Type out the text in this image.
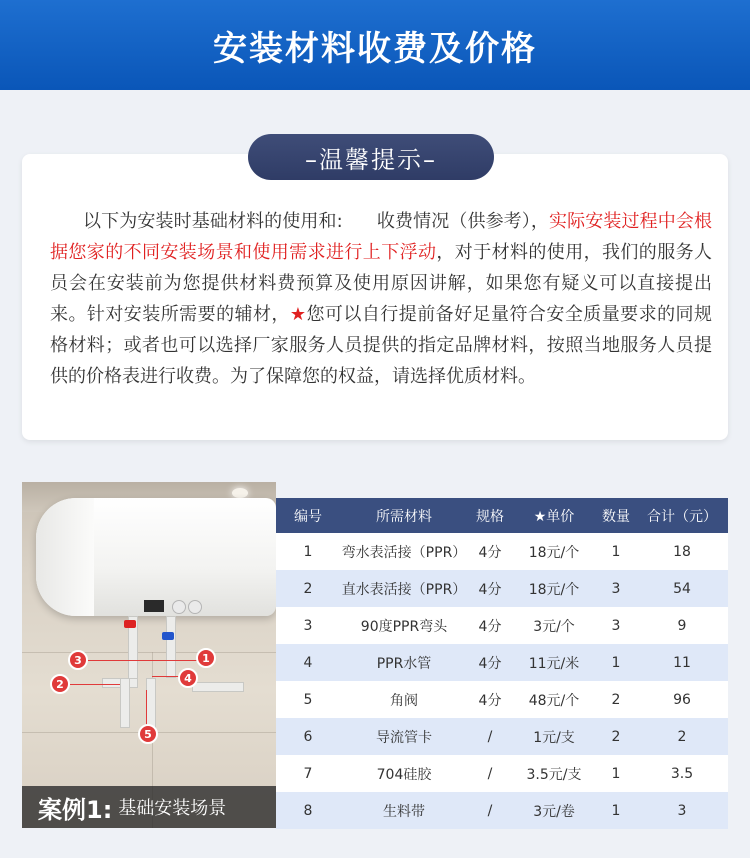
安装材料收费及价格
–温馨提示–

以下为安装时基础材料的使用和: 收费情况（供参考），实际安装过程中会根据您家的不同安装场景和使用需求进行上下浮动，对于材料的使用，我们的服务人员会在安装前为您提供材料费预算及使用原因讲解，如果您有疑义可以直接提出来。针对安装所需要的辅材，★您可以自行提前备好足量符合安全质量要求的同规格材料；或者也可以选择厂家服务人员提供的指定品牌材料，按照当地服务人员提供的价格表进行收费。为了保障您的权益，请选择优质材料。

3	1
2	4
5
案例1: 基础安装场景
编号	所需材料	规格	★单价	数量	合计（元）
1	弯水表活接（PPR）	4分	18元/个	1	18
2	直水表活接（PPR）	4分	18元/个	3	54
3	90度PPR弯头	4分	3元/个	3	9
4	PPR水管	4分	11元/米	1	11
5	角阀	4分	48元/个	2	96
6	导流管卡	/	1元/支	2	2
7	704硅胶	/	3.5元/支	1	3.5
8	生料带	/	3元/卷	1	3
